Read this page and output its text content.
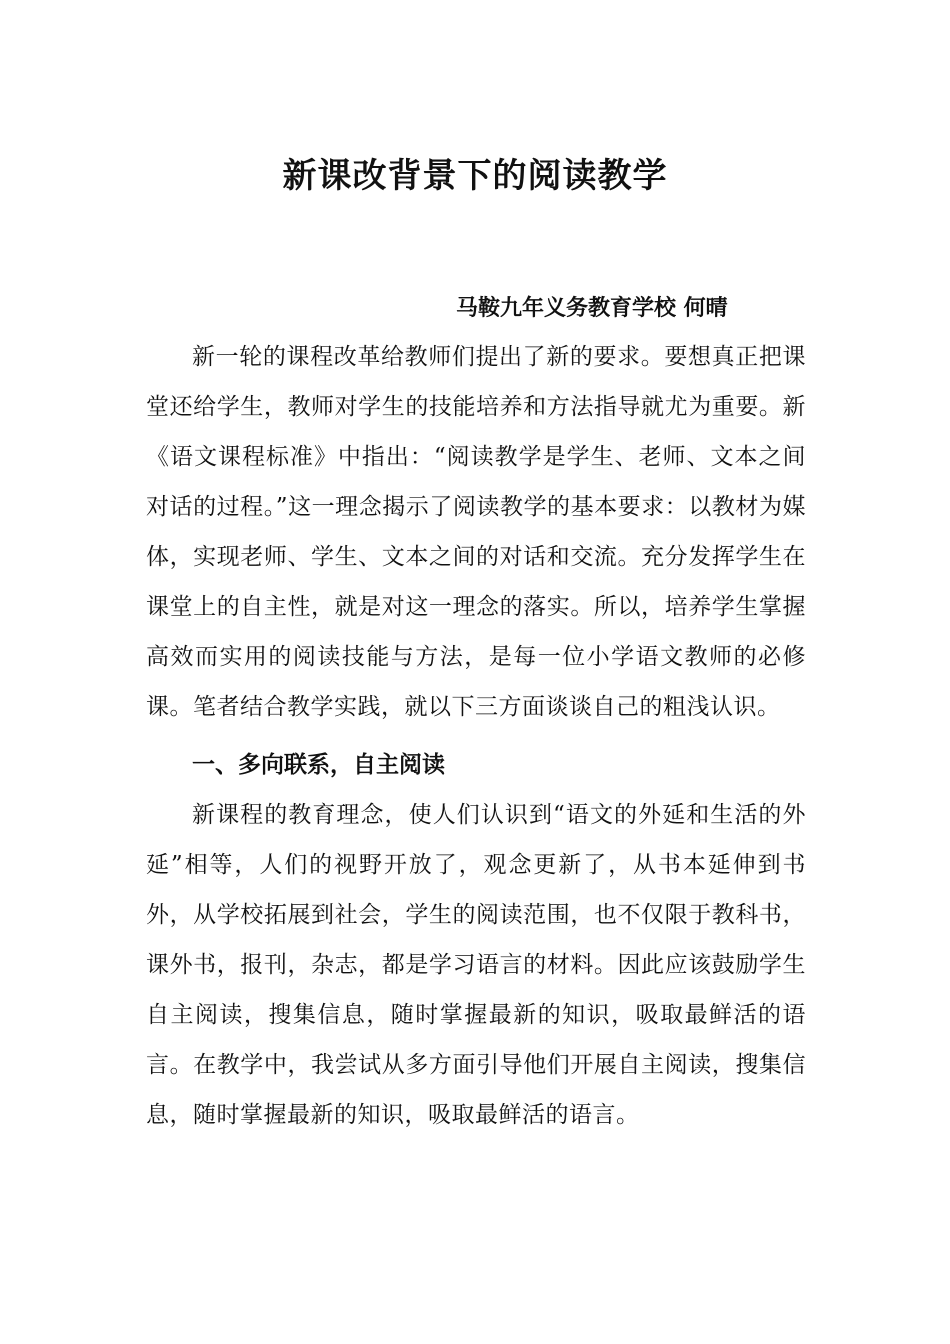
新课改背景下的阅读教学

马鞍九年义务教育学校 何晴

新一轮的课程改革给教师们提出了新的要求。要想真正把课堂还给学生，教师对学生的技能培养和方法指导就尤为重要。新《语文课程标准》中指出：“阅读教学是学生、老师、文本之间对话的过程。”这一理念揭示了阅读教学的基本要求：以教材为媒体，实现老师、学生、文本之间的对话和交流。充分发挥学生在课堂上的自主性，就是对这一理念的落实。所以，培养学生掌握高效而实用的阅读技能与方法，是每一位小学语文教师的必修课。笔者结合教学实践，就以下三方面谈谈自己的粗浅认识。

一、多向联系，自主阅读

新课程的教育理念，使人们认识到“语文的外延和生活的外延”相等，人们的视野开放了，观念更新了，从书本延伸到书外，从学校拓展到社会，学生的阅读范围，也不仅限于教科书，课外书，报刊，杂志，都是学习语言的材料。因此应该鼓励学生自主阅读，搜集信息，随时掌握最新的知识，吸取最鲜活的语言。在教学中，我尝试从多方面引导他们开展自主阅读，搜集信息，随时掌握最新的知识，吸取最鲜活的语言。
